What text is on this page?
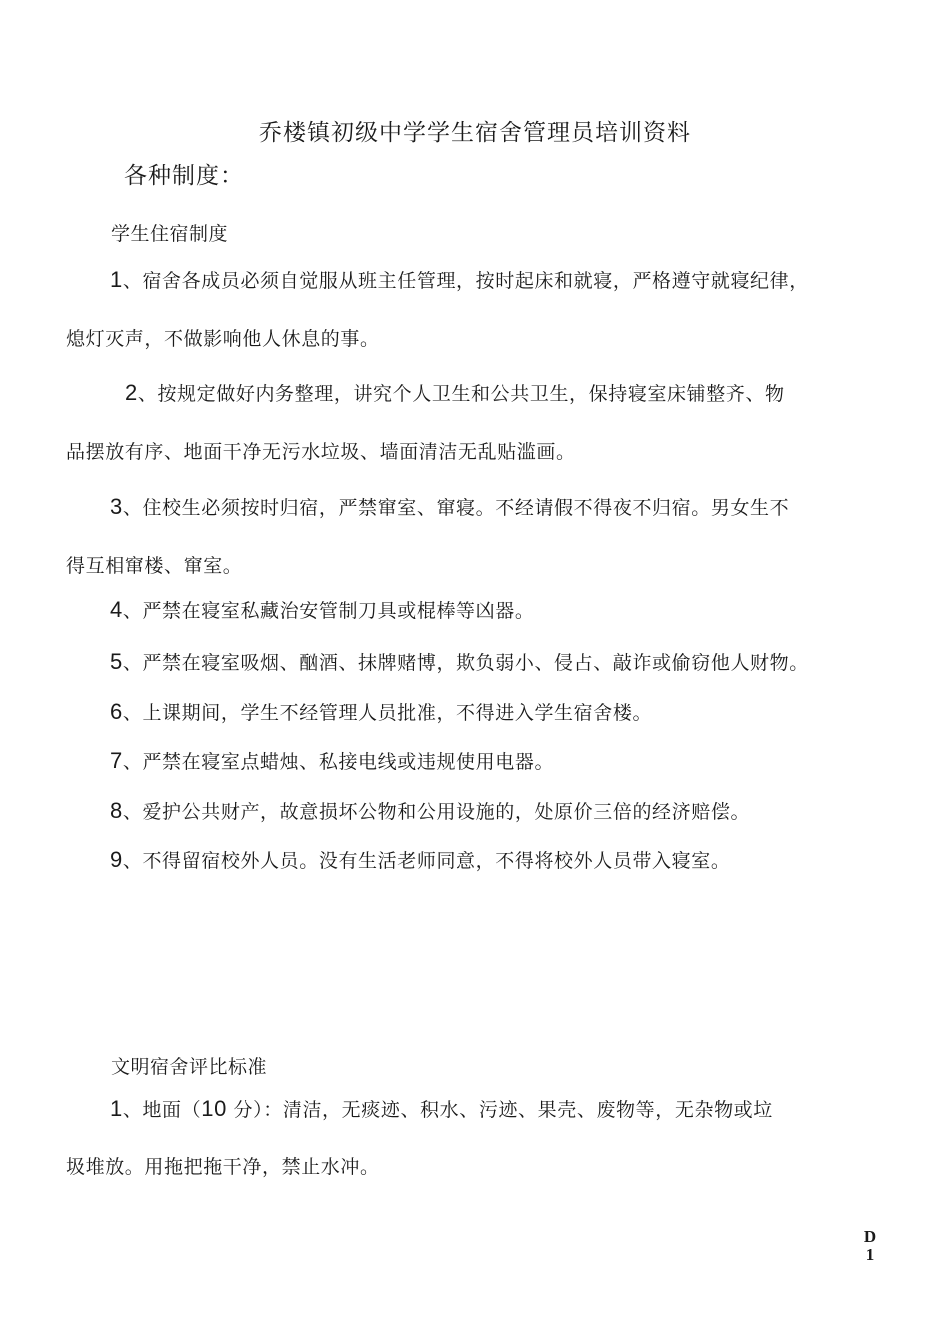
乔楼镇初级中学学生宿舍管理员培训资料
各种制度：
学生住宿制度
1、宿舍各成员必须自觉服从班主任管理，按时起床和就寝，严格遵守就寝纪律，
熄灯灭声，不做影响他人休息的事。
2、按规定做好内务整理，讲究个人卫生和公共卫生，保持寝室床铺整齐、物
品摆放有序、地面干净无污水垃圾、墙面清洁无乱贴滥画。
3、住校生必须按时归宿，严禁窜室、窜寝。不经请假不得夜不归宿。男女生不
得互相窜楼、窜室。
4、严禁在寝室私藏治安管制刀具或棍棒等凶器。
5、严禁在寝室吸烟、酗酒、抹牌赌博，欺负弱小、侵占、敲诈或偷窃他人财物。
6、上课期间，学生不经管理人员批准，不得进入学生宿舍楼。
7、严禁在寝室点蜡烛、私接电线或违规使用电器。
8、爱护公共财产，故意损坏公物和公用设施的，处原价三倍的经济赔偿。
9、不得留宿校外人员。没有生活老师同意，不得将校外人员带入寝室。
文明宿舍评比标准
1、地面（10 分）：清洁，无痰迹、积水、污迹、果壳、废物等，无杂物或垃
圾堆放。用拖把拖干净，禁止水冲。
D
1
